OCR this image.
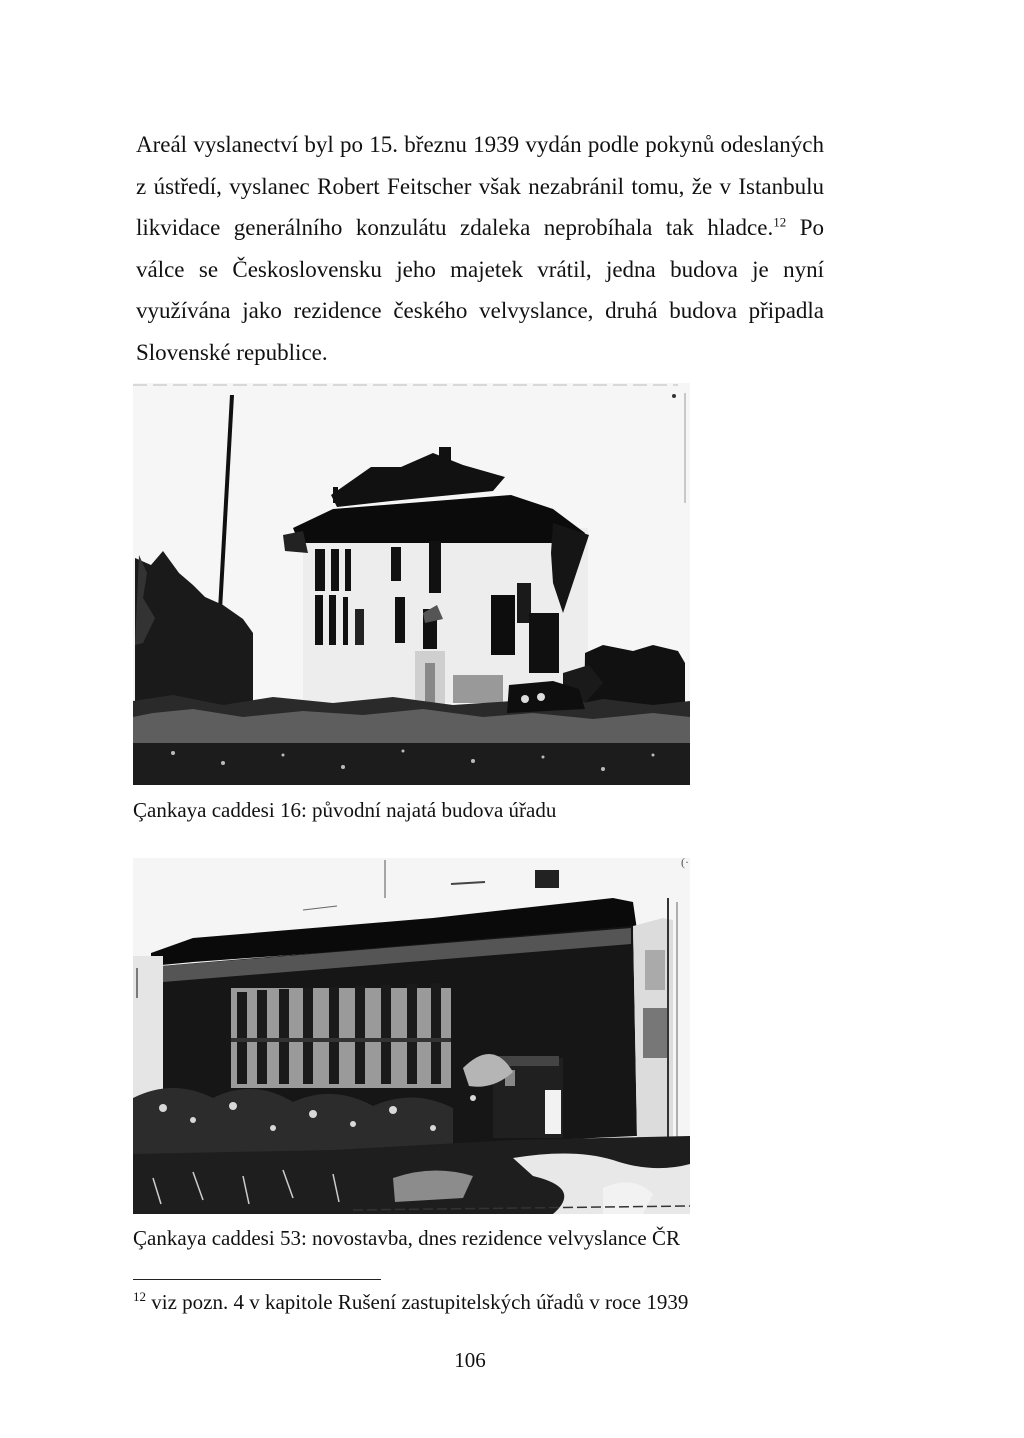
Areál vyslanectví byl po 15. březnu 1939 vydán podle pokynů odeslaných z ústředí, vyslanec Robert Feitscher však nezabránil tomu, že v Istanbulu likvidace generálního konzulátu zdaleka neprobíhala tak hladce.$^{12}$ Po válce se Československu jeho majetek vrátil, jedna budova je nyní využívána jako rezidence českého velvyslance, druhá budova připadla Slovenské republice.

Çankaya caddesi 16: původní najatá budova úřadu

(·

Çankaya caddesi 53: novostavba, dnes rezidence velvyslance ČR

$^{12}$ viz pozn. 4 v kapitole Rušení zastupitelských úřadů v roce 1939

106
